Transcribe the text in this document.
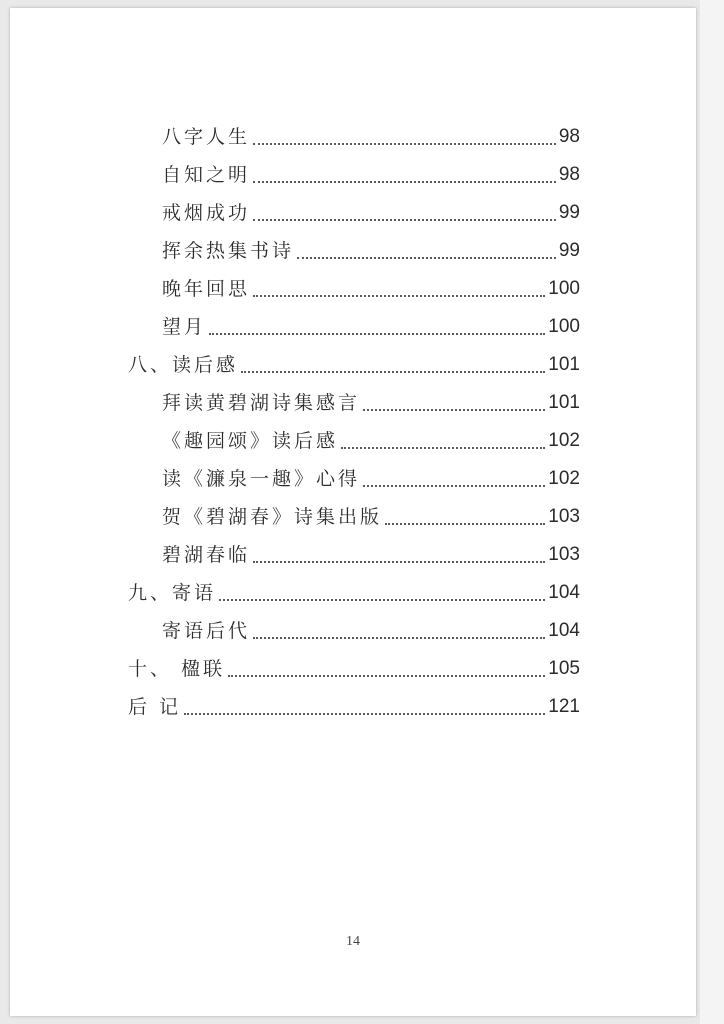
八字人生	98
自知之明	98
戒烟成功	99
挥余热集书诗	99
晚年回思	100
望月	100
八、读后感	101
拜读黄碧湖诗集感言	101
《趣园颂》读后感	102
读《濂泉一趣》心得	102
贺《碧湖春》诗集出版	103
碧湖春临	103
九、寄语	104
寄语后代	104
十、 楹联	105
后 记	121
14
